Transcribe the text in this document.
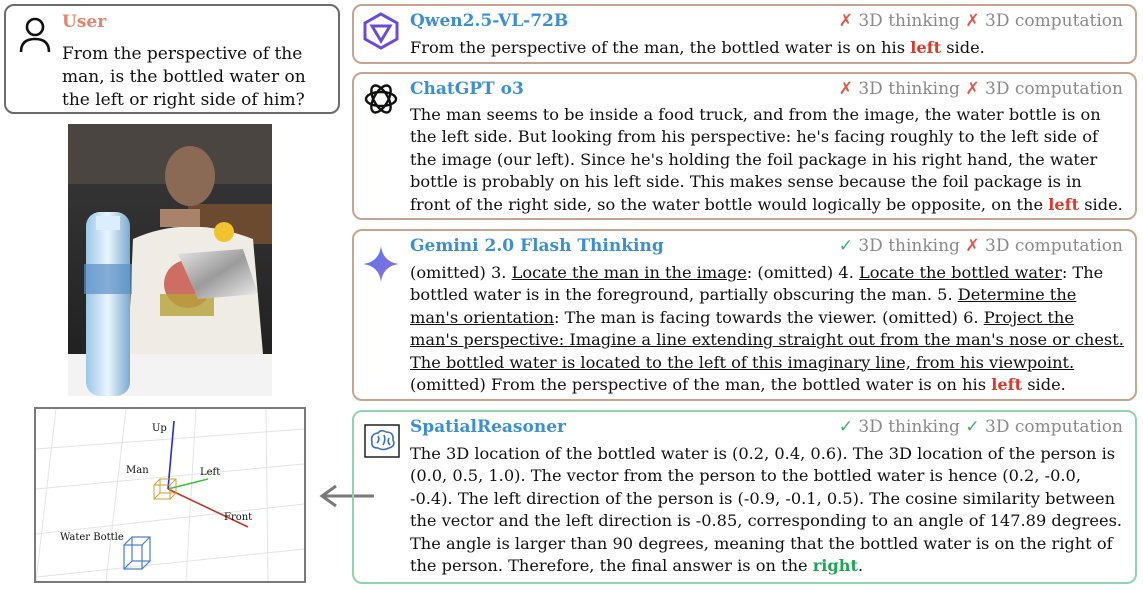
User
From the perspective of the man, is the bottled water on the left or right side of him?
Up
Man	Left
Front
Water Bottle
Qwen2.5-VL-72B	✗ 3D thinking ✗ 3D computation
From the perspective of the man, the bottled water is on his left side.
ChatGPT o3	✗ 3D thinking ✗ 3D computation
The man seems to be inside a food truck, and from the image, the water bottle is on the left side. But looking from his perspective: he's facing roughly to the left side of the image (our left). Since he's holding the foil package in his right hand, the water bottle is probably on his left side. This makes sense because the foil package is in front of the right side, so the water bottle would logically be opposite, on the left side.
Gemini 2.0 Flash Thinking	✓ 3D thinking ✗ 3D computation
(omitted) 3. Locate the man in the image: (omitted) 4. Locate the bottled water: The bottled water is in the foreground, partially obscuring the man. 5. Determine the man's orientation: The man is facing towards the viewer. (omitted) 6. Project the man's perspective: Imagine a line extending straight out from the man's nose or chest. The bottled water is located to the left of this imaginary line, from his viewpoint. (omitted) From the perspective of the man, the bottled water is on his left side.
SpatialReasoner	✓ 3D thinking ✓ 3D computation
The 3D location of the bottled water is (0.2, 0.4, 0.6). The 3D location of the person is (0.0, 0.5, 1.0). The vector from the person to the bottled water is hence (0.2, -0.0, -0.4). The left direction of the person is (-0.9, -0.1, 0.5). The cosine similarity between the vector and the left direction is -0.85, corresponding to an angle of 147.89 degrees. The angle is larger than 90 degrees, meaning that the bottled water is on the right of the person. Therefore, the final answer is on the right.
